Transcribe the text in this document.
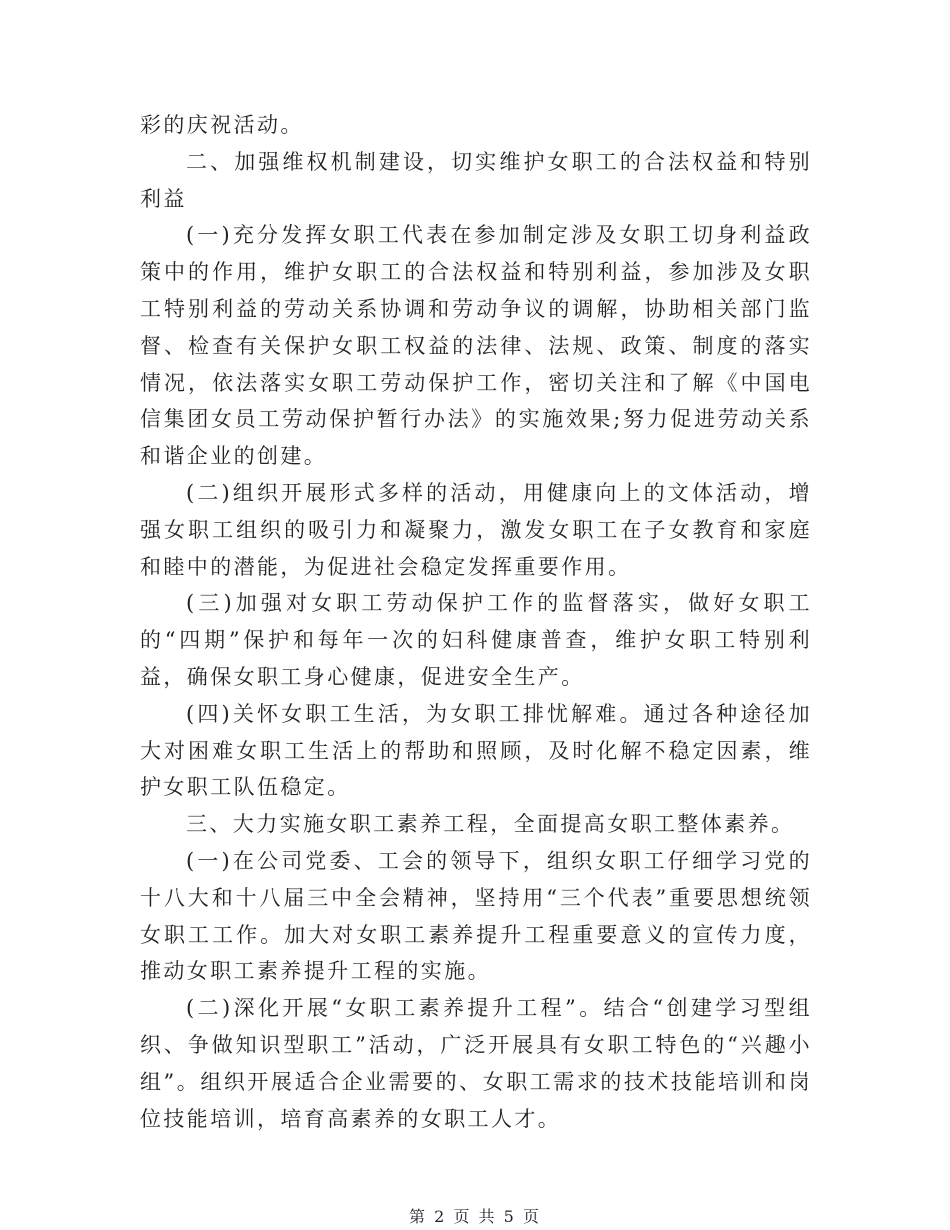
彩的庆祝活动。

二、加强维权机制建设，切实维护女职工的合法权益和特别利益

(一)充分发挥女职工代表在参加制定涉及女职工切身利益政策中的作用，维护女职工的合法权益和特别利益，参加涉及女职工特别利益的劳动关系协调和劳动争议的调解，协助相关部门监督、检查有关保护女职工权益的法律、法规、政策、制度的落实情况，依法落实女职工劳动保护工作，密切关注和了解《中国电信集团女员工劳动保护暂行办法》的实施效果;努力促进劳动关系和谐企业的创建。

(二)组织开展形式多样的活动，用健康向上的文体活动，增强女职工组织的吸引力和凝聚力，激发女职工在子女教育和家庭和睦中的潜能，为促进社会稳定发挥重要作用。

(三)加强对女职工劳动保护工作的监督落实，做好女职工的“四期”保护和每年一次的妇科健康普查，维护女职工特别利益，确保女职工身心健康，促进安全生产。

(四)关怀女职工生活，为女职工排忧解难。通过各种途径加大对困难女职工生活上的帮助和照顾，及时化解不稳定因素，维护女职工队伍稳定。

三、大力实施女职工素养工程，全面提高女职工整体素养。

(一)在公司党委、工会的领导下，组织女职工仔细学习党的十八大和十八届三中全会精神，坚持用“三个代表”重要思想统领女职工工作。加大对女职工素养提升工程重要意义的宣传力度，推动女职工素养提升工程的实施。

(二)深化开展“女职工素养提升工程”。结合“创建学习型组织、争做知识型职工”活动，广泛开展具有女职工特色的“兴趣小组”。组织开展适合企业需要的、女职工需求的技术技能培训和岗位技能培训，培育高素养的女职工人才。

第 2 页 共 5 页
